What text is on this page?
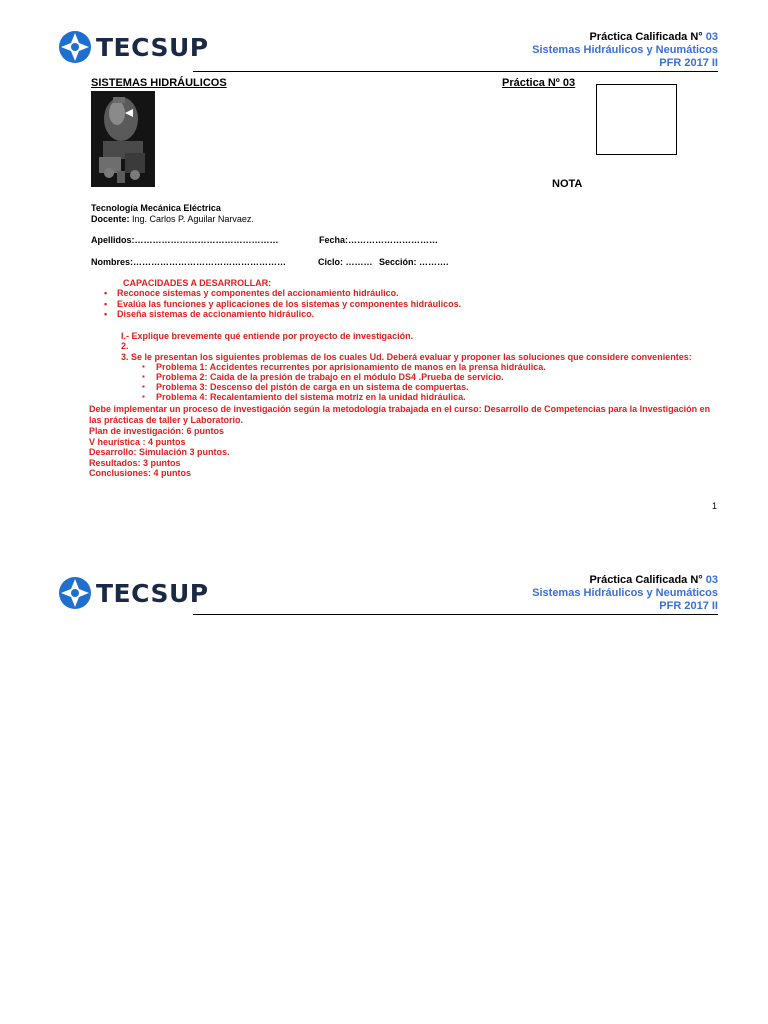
TECSUP	Práctica Calificada N° 03
Sistemas Hidráulicos y Neumáticos
PFR 2017 II
SISTEMAS HIDRÁULICOS	Práctica Nº 03
NOTA
Tecnología Mecánica Eléctrica
Docente: Ing. Carlos P. Aguilar Narvaez.
Apellidos:…………………………………………	Fecha:…………………………
Nombres:……………………………………………	Ciclo: ……… Sección: ……….
CAPACIDADES A DESARROLLAR:
• Reconoce sistemas y componentes del accionamiento hidráulico.
• Evalúa las funciones y aplicaciones de los sistemas y componentes hidráulicos.
• Diseña sistemas de accionamiento hidráulico.
I.- Explique brevemente qué entiende por proyecto de investigación.
2.
3. Se le presentan los siguientes problemas de los cuales Ud. Deberá evaluar y proponer las soluciones que considere convenientes:
▪ Problema 1: Accidentes recurrentes por aprisionamiento de manos en la prensa hidráulica.
▪ Problema 2: Caida de la presión de trabajo en el módulo DS4 .Prueba de servicio.
▪ Problema 3: Descenso del pistón de carga en un sistema de compuertas.
▪ Problema 4: Recalentamiento del sistema motriz en la unidad hidráulica.
Debe implementar un proceso de investigación según la metodología trabajada en el curso: Desarrollo de Competencias para la Investigación en las prácticas de taller y Laboratorio.
Plan de investigación: 6 puntos
V heurística : 4 puntos
Desarrollo: Simulación 3 puntos.
Resultados: 3 puntos
Conclusiones: 4 puntos
1
TECSUP	Práctica Calificada N° 03
Sistemas Hidráulicos y Neumáticos
PFR 2017 II
